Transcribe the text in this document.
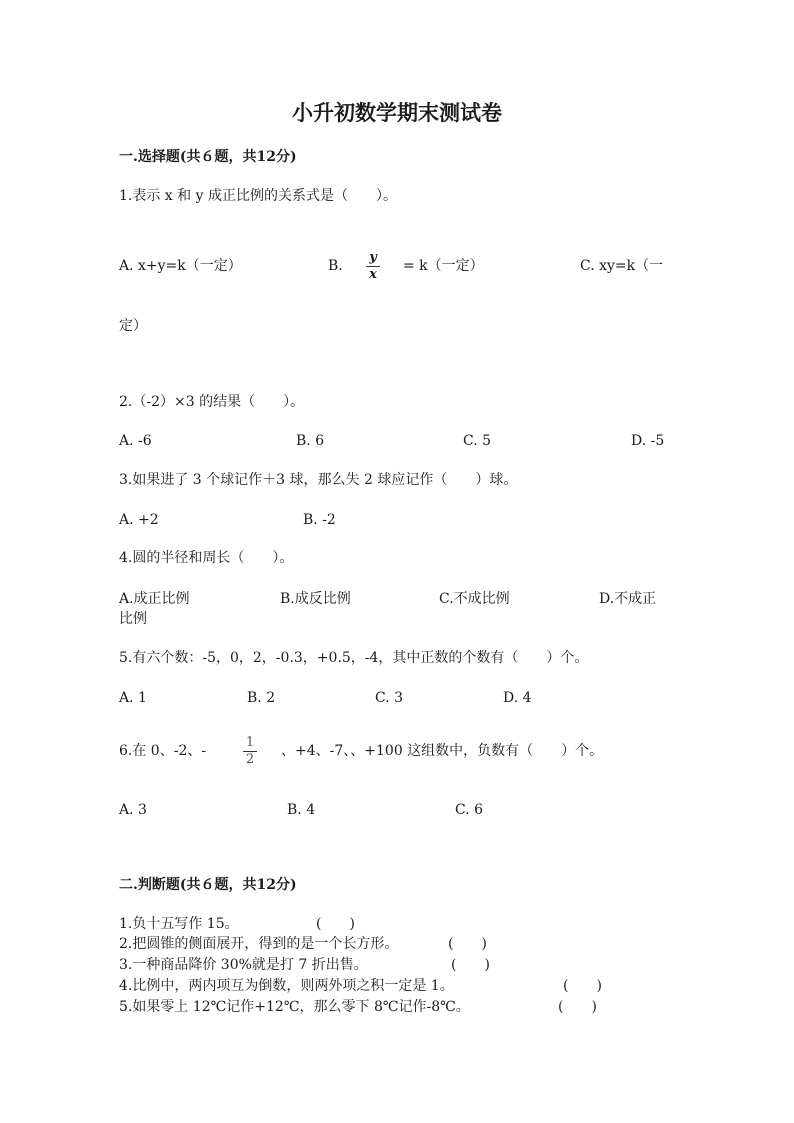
小升初数学期末测试卷
一.选择题(共６题，共12分)
1.表示 x 和 y 成正比例的关系式是（　　）。
A. x+y=k（一定）	B.
y
x
= k（一定）	C. xy=k（一
定）
2.（-2）×3 的结果（　　）。
A. -6	B. 6	C. 5	D. -5
3.如果进了 3 个球记作＋3 球，那么失 2 球应记作（　　）球。
A. +2	B. -2
4.圆的半径和周长（　　）。
A.成正比例	B.成反比例	C.不成比例	D.不成正
比例
5.有六个数：-5，0，2，-0.3，+0.5，-4，其中正数的个数有（　　）个。
A. 1	B. 2	C. 3	D. 4
6.在 0、-2、-
1
2
、+4、-7、、+100 这组数中，负数有（　　）个。
A. 3	B. 4	C. 6
二.判断题(共６题，共12分)
1.负十五写作 15。	(　　)
2.把圆锥的侧面展开，得到的是一个长方形。	(　　)
3.一种商品降价 30%就是打 7 折出售。	(　　)
4.比例中，两内项互为倒数，则两外项之积一定是 1。	(　　)
5.如果零上 12℃记作+12℃，那么零下 8℃记作-8℃。	(　　)
